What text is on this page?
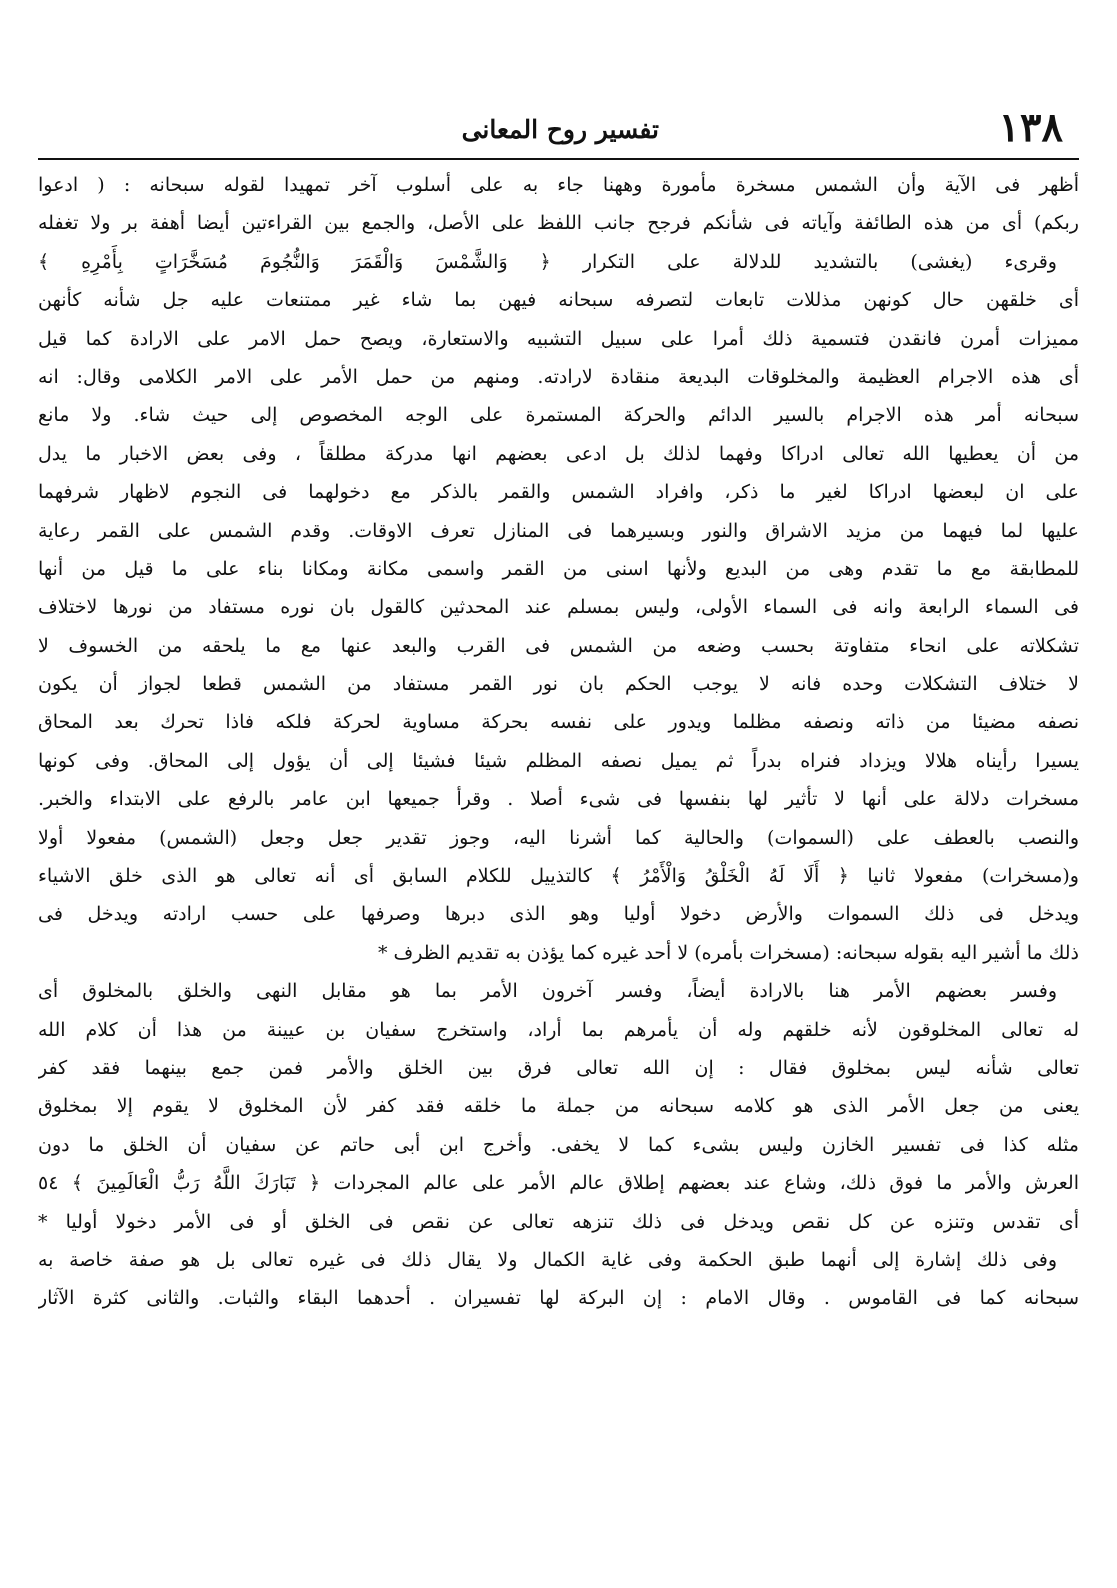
١٣٨
تفسير روح المعانى
أظهر فى الآية وأن الشمس مسخرة مأمورة وههنا جاء به على أسلوب آخر تمهيدا لقوله سبحانه : ( ادعوا
ربكم) أى من هذه الطائفة وآياته فى شأنكم فرجح جانب اللفظ على الأصل، والجمع بين القراءتين أيضا أهفة بر ولا تغفله
وقرىء (يغشى) بالتشديد للدلالة على التكرار ﴿ وَالشَّمْسَ وَالْقَمَرَ وَالنُّجُومَ مُسَخَّرَاتٍ بِأَمْرِهِ ﴾
أى خلقهن حال كونهن مذللات تابعات لتصرفه سبحانه فيهن بما شاء غير ممتنعات عليه جل شأنه كأنهن
مميزات أمرن فانقدن فتسمية ذلك أمرا على سبيل التشبيه والاستعارة، ويصح حمل الامر على الارادة كما قيل
أى هذه الاجرام العظيمة والمخلوقات البديعة منقادة لارادته. ومنهم من حمل الأمر على الامر الكلامى وقال: انه
سبحانه أمر هذه الاجرام بالسير الدائم والحركة المستمرة على الوجه المخصوص إلى حيث شاء. ولا مانع
من أن يعطيها الله تعالى ادراكا وفهما لذلك بل ادعى بعضهم انها مدركة مطلقاً ، وفى بعض الاخبار ما يدل
على ان لبعضها ادراكا لغير ما ذكر، وافراد الشمس والقمر بالذكر مع دخولهما فى النجوم لاظهار شرفهما
عليها لما فيهما من مزيد الاشراق والنور وبسيرهما فى المنازل تعرف الاوقات. وقدم الشمس على القمر رعاية
للمطابقة مع ما تقدم وهى من البديع ولأنها اسنى من القمر واسمى مكانة ومكانا بناء على ما قيل من أنها
فى السماء الرابعة وانه فى السماء الأولى، وليس بمسلم عند المحدثين كالقول بان نوره مستفاد من نورها لاختلاف
تشكلاته على انحاء متفاوتة بحسب وضعه من الشمس فى القرب والبعد عنها مع ما يلحقه من الخسوف لا
لا ختلاف التشكلات وحده فانه لا يوجب الحكم بان نور القمر مستفاد من الشمس قطعا لجواز أن يكون
نصفه مضيئا من ذاته ونصفه مظلما ويدور على نفسه بحركة مساوية لحركة فلكه فاذا تحرك بعد المحاق
يسيرا رأيناه هلالا ويزداد فنراه بدراً ثم يميل نصفه المظلم شيئا فشيئا إلى أن يؤول إلى المحاق. وفى كونها
مسخرات دلالة على أنها لا تأثير لها بنفسها فى شىء أصلا . وقرأ جميعها ابن عامر بالرفع على الابتداء والخبر.
والنصب بالعطف على (السموات) والحالية كما أشرنا اليه، وجوز تقدير جعل وجعل (الشمس) مفعولا أولا
و(مسخرات) مفعولا ثانيا ﴿ أَلَا لَهُ الْخَلْقُ وَالْأَمْرُ ﴾ كالتذييل للكلام السابق أى أنه تعالى هو الذى خلق الاشياء
ويدخل فى ذلك السموات والأرض دخولا أوليا وهو الذى دبرها وصرفها على حسب ارادته ويدخل فى
ذلك ما أشير اليه بقوله سبحانه: (مسخرات بأمره) لا أحد غيره كما يؤذن به تقديم الظرف *
وفسر بعضهم الأمر هنا بالارادة أيضاً، وفسر آخرون الأمر بما هو مقابل النهى والخلق بالمخلوق أى
له تعالى المخلوقون لأنه خلقهم وله أن يأمرهم بما أراد، واستخرج سفيان بن عيينة من هذا أن كلام الله
تعالى شأنه ليس بمخلوق فقال : إن الله تعالى فرق بين الخلق والأمر فمن جمع بينهما فقد كفر
يعنى من جعل الأمر الذى هو كلامه سبحانه من جملة ما خلقه فقد كفر لأن المخلوق لا يقوم إلا بمخلوق
مثله كذا فى تفسير الخازن وليس بشىء كما لا يخفى. وأخرج ابن أبى حاتم عن سفيان أن الخلق ما دون
العرش والأمر ما فوق ذلك، وشاع عند بعضهم إطلاق عالم الأمر على عالم المجردات ﴿ تَبَارَكَ اللَّهُ رَبُّ الْعَالَمِينَ ﴾ ٥٤
أى تقدس وتنزه عن كل نقص ويدخل فى ذلك تنزهه تعالى عن نقص فى الخلق أو فى الأمر دخولا أوليا *
وفى ذلك إشارة إلى أنهما طبق الحكمة وفى غاية الكمال ولا يقال ذلك فى غيره تعالى بل هو صفة خاصة به
سبحانه كما فى القاموس . وقال الامام : إن البركة لها تفسيران . أحدهما البقاء والثبات. والثانى كثرة الآثار
